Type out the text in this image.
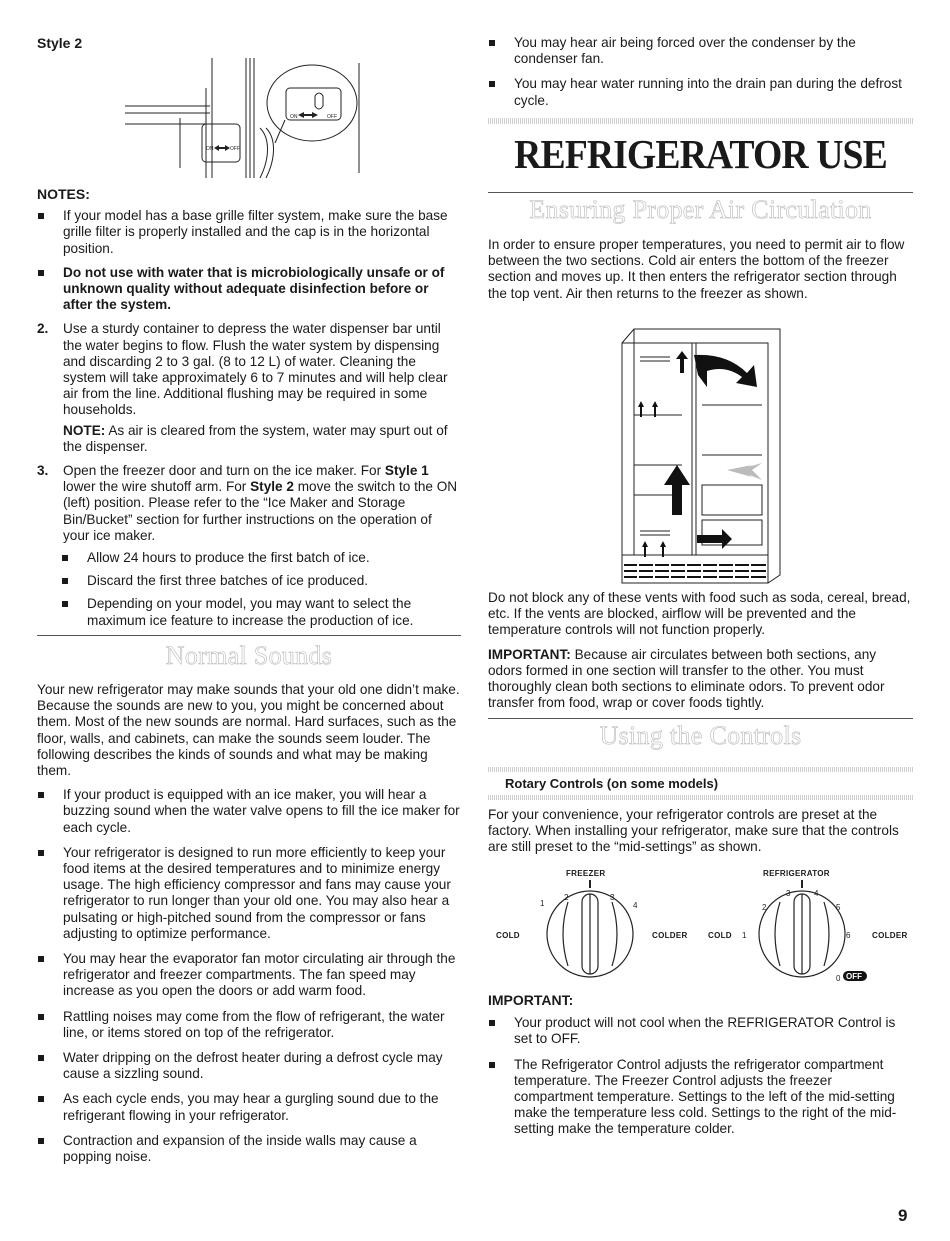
Style 2
ON	OFF
ON	OFF
NOTES:

If your model has a base grille filter system, make sure the base grille filter is properly installed and the cap is in the horizontal position.

Do not use with water that is microbiologically unsafe or of unknown quality without adequate disinfection before or after the system.

2. Use a sturdy container to depress the water dispenser bar until the water begins to flow. Flush the water system by dispensing and discarding 2 to 3 gal. (8 to 12 L) of water. Cleaning the system will take approximately 6 to 7 minutes and will help clear air from the line. Additional flushing may be required in some households.

NOTE: As air is cleared from the system, water may spurt out of the dispenser.

3. Open the freezer door and turn on the ice maker. For Style 1 lower the wire shutoff arm. For Style 2 move the switch to the ON (left) position. Please refer to the “Ice Maker and Storage Bin/Bucket” section for further instructions on the operation of your ice maker.

Allow 24 hours to produce the first batch of ice.

Discard the first three batches of ice produced.

Depending on your model, you may want to select the maximum ice feature to increase the production of ice.

Normal Sounds

Your new refrigerator may make sounds that your old one didn’t make. Because the sounds are new to you, you might be concerned about them. Most of the new sounds are normal. Hard surfaces, such as the floor, walls, and cabinets, can make the sounds seem louder. The following describes the kinds of sounds and what may be making them.

If your product is equipped with an ice maker, you will hear a buzzing sound when the water valve opens to fill the ice maker for each cycle.

Your refrigerator is designed to run more efficiently to keep your food items at the desired temperatures and to minimize energy usage. The high efficiency compressor and fans may cause your refrigerator to run longer than your old one. You may also hear a pulsating or high-pitched sound from the compressor or fans adjusting to optimize performance.

You may hear the evaporator fan motor circulating air through the refrigerator and freezer compartments. The fan speed may increase as you open the doors or add warm food.

Rattling noises may come from the flow of refrigerant, the water line, or items stored on top of the refrigerator.

Water dripping on the defrost heater during a defrost cycle may cause a sizzling sound.

As each cycle ends, you may hear a gurgling sound due to the refrigerant flowing in your refrigerator.

Contraction and expansion of the inside walls may cause a popping noise.

You may hear air being forced over the condenser by the condenser fan.

You may hear water running into the drain pan during the defrost cycle.

REFRIGERATOR USE
Ensuring Proper Air Circulation

In order to ensure proper temperatures, you need to permit air to flow between the two sections. Cold air enters the bottom of the freezer section and moves up. It then enters the refrigerator section through the top vent. Air then returns to the freezer as shown.

Do not block any of these vents with food such as soda, cereal, bread, etc. If the vents are blocked, airflow will be prevented and the temperature controls will not function properly.

IMPORTANT: Because air circulates between both sections, any odors formed in one section will transfer to the other. You must thoroughly clean both sections to eliminate odors. To prevent odor transfer from food, wrap or cover foods tightly.

Using the Controls
Rotary Controls (on some models)

For your convenience, your refrigerator controls are preset at the factory. When installing your refrigerator, make sure that the controls are still preset to the “mid-settings” as shown.

FREEZER	REFRIGERATOR
COLD	COLDER	COLD	COLDER
1
2	3
4
0
1
2
3	4
5
6
OFF
IMPORTANT:

Your product will not cool when the REFRIGERATOR Control is set to OFF.

The Refrigerator Control adjusts the refrigerator compartment temperature. The Freezer Control adjusts the freezer compartment temperature. Settings to the left of the mid-setting make the temperature less cold. Settings to the right of the mid-setting make the temperature colder.

9
